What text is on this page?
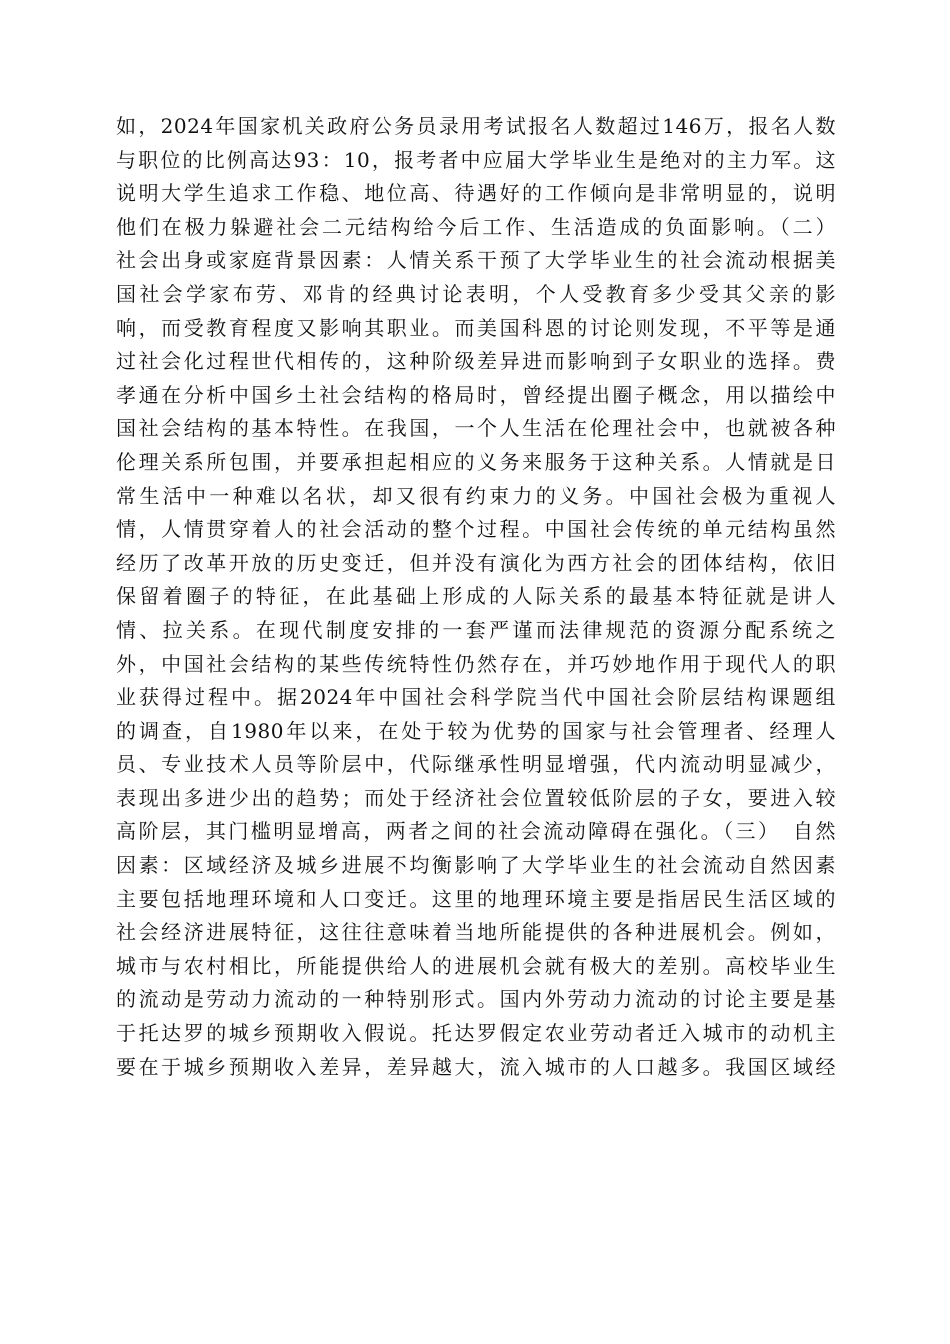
如，2024年国家机关政府公务员录用考试报名人数超过146万，报名人数
与职位的比例高达93：10，报考者中应届大学毕业生是绝对的主力军。这
说明大学生追求工作稳、地位高、待遇好的工作倾向是非常明显的，说明
他们在极力躲避社会二元结构给今后工作、生活造成的负面影响。（二）
社会出身或家庭背景因素：人情关系干预了大学毕业生的社会流动根据美
国社会学家布劳、邓肯的经典讨论表明，个人受教育多少受其父亲的影
响，而受教育程度又影响其职业。而美国科恩的讨论则发现，不平等是通
过社会化过程世代相传的，这种阶级差异进而影响到子女职业的选择。费
孝通在分析中国乡土社会结构的格局时，曾经提出圈子概念，用以描绘中
国社会结构的基本特性。在我国，一个人生活在伦理社会中，也就被各种
伦理关系所包围，并要承担起相应的义务来服务于这种关系。人情就是日
常生活中一种难以名状，却又很有约束力的义务。中国社会极为重视人
情，人情贯穿着人的社会活动的整个过程。中国社会传统的单元结构虽然
经历了改革开放的历史变迁，但并没有演化为西方社会的团体结构，依旧
保留着圈子的特征，在此基础上形成的人际关系的最基本特征就是讲人
情、拉关系。在现代制度安排的一套严谨而法律规范的资源分配系统之
外，中国社会结构的某些传统特性仍然存在，并巧妙地作用于现代人的职
业获得过程中。据2024年中国社会科学院当代中国社会阶层结构课题组
的调查，自1980年以来，在处于较为优势的国家与社会管理者、经理人
员、专业技术人员等阶层中，代际继承性明显增强，代内流动明显减少，
表现出多进少出的趋势；而处于经济社会位置较低阶层的子女，要进入较
高阶层，其门槛明显增高，两者之间的社会流动障碍在强化。（三）　自然
因素：区域经济及城乡进展不均衡影响了大学毕业生的社会流动自然因素
主要包括地理环境和人口变迁。这里的地理环境主要是指居民生活区域的
社会经济进展特征，这往往意味着当地所能提供的各种进展机会。例如，
城市与农村相比，所能提供给人的进展机会就有极大的差别。高校毕业生
的流动是劳动力流动的一种特别形式。国内外劳动力流动的讨论主要是基
于托达罗的城乡预期收入假说。托达罗假定农业劳动者迁入城市的动机主
要在于城乡预期收入差异，差异越大，流入城市的人口越多。我国区域经
